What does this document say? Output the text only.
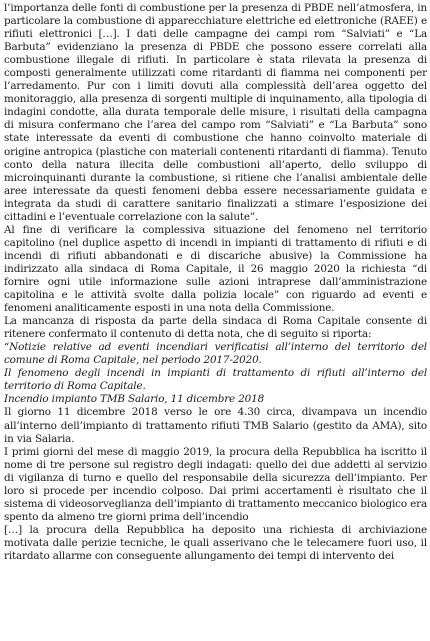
l’importanza delle fonti di combustione per la presenza di PBDE nell’atmosfera, in particolare la combustione di apparecchiature elettriche ed elettroniche (RAEE) e rifiuti elettronici […]. I dati delle campagne dei campi rom “Salviati” e “La Barbuta” evidenziano la presenza di PBDE che possono essere correlati alla combustione illegale di rifiuti. In particolare è stata rilevata la presenza di composti generalmente utilizzati come ritardanti di fiamma nei componenti per l’arredamento. Pur con i limiti dovuti alla complessità dell’area oggetto del monitoraggio, alla presenza di sorgenti multiple di inquinamento, alla tipologia di indagini condotte, alla durata temporale delle misure, i risultati della campagna di misura confermano che l’area del campo rom “Salviati” e “La Barbuta” sono state interessate da eventi di combustione che hanno coinvolto materiale di origine antropica (plastiche con materiali contenenti ritardanti di fiamma). Tenuto conto della natura illecita delle combustioni all’aperto, dello sviluppo di microinquinanti durante la combustione, si ritiene che l’analisi ambientale delle aree interessate da questi fenomeni debba essere necessariamente guidata e integrata da studi di carattere sanitario finalizzati a stimare l’esposizione dei cittadini e l’eventuale correlazione con la salute”.

Al fine di verificare la complessiva situazione del fenomeno nel territorio capitolino (nel duplice aspetto di incendi in impianti di trattamento di rifiuti e di incendi di rifiuti abbandonati e di discariche abusive) la Commissione ha indirizzato alla sindaca di Roma Capitale, il 26 maggio 2020 la richiesta “di fornire ogni utile informazione sulle azioni intraprese dall’amministrazione capitolina e le attività svolte dalla polizia locale” con riguardo ad eventi e fenomeni analiticamente esposti in una nota della Commissione.

La mancanza di risposta da parte della sindaca di Roma Capitale consente di ritenere confermato il contenuto di detta nota, che di seguito si riporta:

“Notizie relative ad eventi incendiari verificatisi all’interno del territorio del comune di Roma Capitale, nel periodo 2017-2020.

Il fenomeno degli incendi in impianti di trattamento di rifiuti all’interno del territorio di Roma Capitale.

Incendio impianto TMB Salario, 11 dicembre 2018

Il giorno 11 dicembre 2018 verso le ore 4.30 circa, divampava un incendio all’interno dell’impianto di trattamento rifiuti TMB Salario (gestito da AMA), sito in via Salaria.

I primi giorni del mese di maggio 2019, la procura della Repubblica ha iscritto il nome di tre persone sul registro degli indagati: quello dei due addetti al servizio di vigilanza di turno e quello del responsabile della sicurezza dell’impianto. Per loro si procede per incendio colposo. Dai primi accertamenti è risultato che il sistema di videosorveglianza dell’impianto di trattamento meccanico biologico era spento da almeno tre giorni prima dell’incendio

[…] la procura della Repubblica ha deposito una richiesta di archiviazione motivata dalle perizie tecniche, le quali asserivano che le telecamere fuori uso, il ritardato allarme con conseguente allungamento dei tempi di intervento dei
